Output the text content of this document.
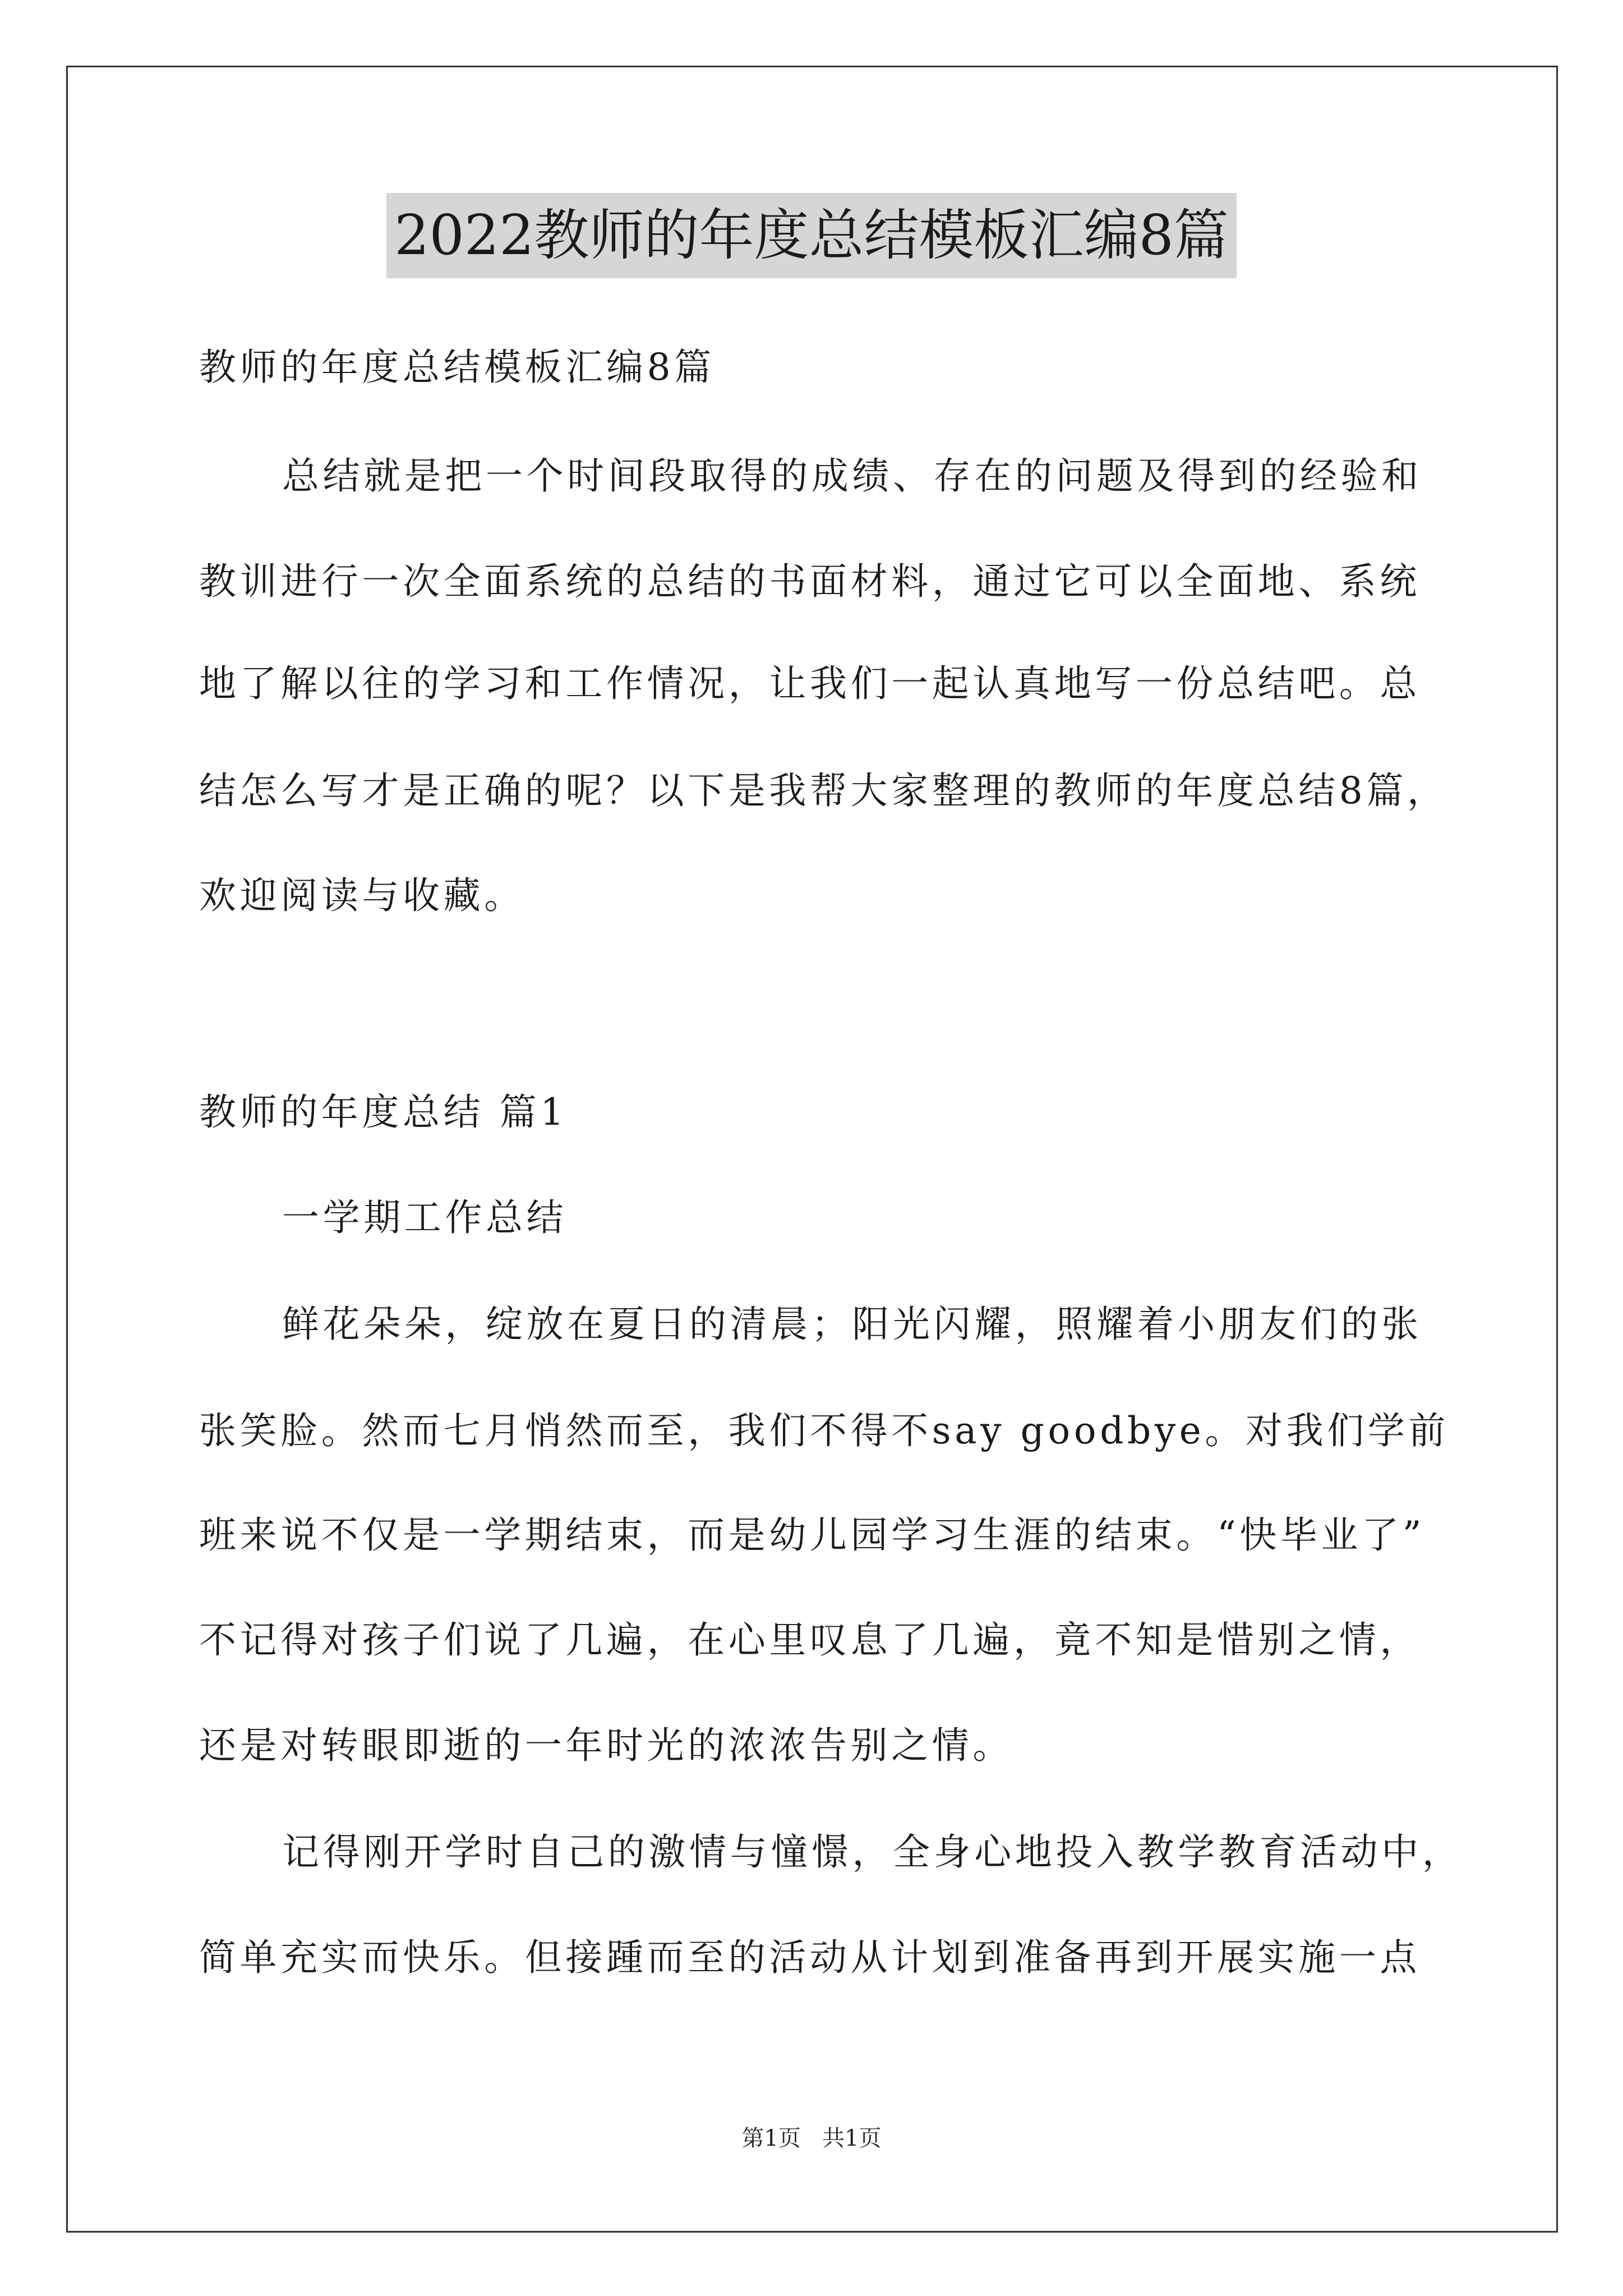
2022教师的年度总结模板汇编8篇
教师的年度总结模板汇编8篇
总结就是把一个时间段取得的成绩、存在的问题及得到的经验和
教训进行一次全面系统的总结的书面材料，通过它可以全面地、系统
地了解以往的学习和工作情况，让我们一起认真地写一份总结吧。总
结怎么写才是正确的呢？以下是我帮大家整理的教师的年度总结8篇，
欢迎阅读与收藏。
教师的年度总结 篇1
一学期工作总结
鲜花朵朵，绽放在夏日的清晨；阳光闪耀，照耀着小朋友们的张
张笑脸。然而七月悄然而至，我们不得不say goodbye。对我们学前
班来说不仅是一学期结束，而是幼儿园学习生涯的结束。“快毕业了”
不记得对孩子们说了几遍，在心里叹息了几遍，竟不知是惜别之情，
还是对转眼即逝的一年时光的浓浓告别之情。
记得刚开学时自己的激情与憧憬，全身心地投入教学教育活动中，
简单充实而快乐。但接踵而至的活动从计划到准备再到开展实施一点
第1页   共1页
